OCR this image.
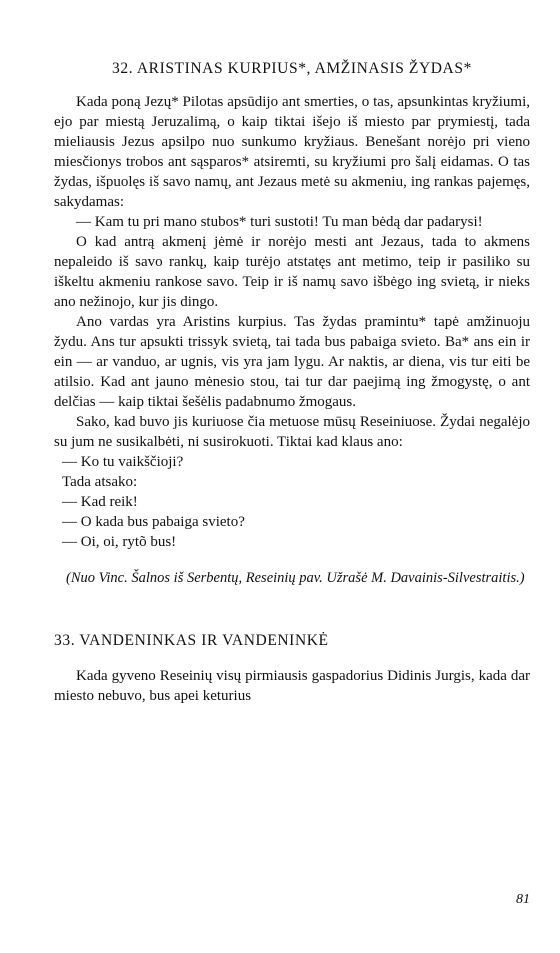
32. ARISTINAS KURPIUS*, AMŽINASIS ŽYDAS*

Kada poną Jezų* Pilotas apsūdijo ant smerties, o tas, apsunkintas kryžiumi, ejo par miestą Jeruzalimą, o kaip tiktai išejo iš miesto par prymiestį, tada mieliausis Jezus apsilpo nuo sunkumo kryžiaus. Benešant norėjo pri vieno miesčionys trobos ant sąsparos* atsiremti, su kryžiumi pro šalį eidamas. O tas žydas, išpuolęs iš savo namų, ant Jezaus metė su akmeniu, ing rankas pajemęs, sakydamas:

— Kam tu pri mano stubos* turi sustoti! Tu man bėdą dar padarysi!

O kad antrą akmenį jėmė ir norėjo mesti ant Jezaus, tada to akmens nepaleido iš savo rankų, kaip turėjo atstatęs ant metimo, teip ir pasiliko su iškeltu akmeniu rankose savo. Teip ir iš namų savo išbėgo ing svietą, ir nieks ano nežinojo, kur jis dingo.

Ano vardas yra Aristins kurpius. Tas žydas pramintu* tapė amžinuoju žydu. Ans tur apsukti trissyk svietą, tai tada bus pabaiga svieto. Ba* ans ein ir ein — ar vanduo, ar ugnis, vis yra jam lygu. Ar naktis, ar diena, vis tur eiti be atilsio. Kad ant jauno mėnesio stou, tai tur dar paejimą ing žmogystę, o ant delčias — kaip tiktai šešėlis padabnumo žmogaus.

Sako, kad buvo jis kuriuose čia metuose mūsų Reseiniuose. Žydai negalėjo su jum ne susikalbėti, ni susirokuoti. Tiktai kad klaus ano:

— Ko tu vaikščioji?

Tada atsako:

— Kad reik!

— O kada bus pabaiga svieto?

— Oi, oi, rytõ bus!

(Nuo Vinc. Šalnos iš Serbentų, Reseinių pav. Užrašė M. Davainis-Silvestraitis.)

33. VANDENINKAS IR VANDENINKĖ

Kada gyveno Reseinių visų pirmiausis gaspadorius Didinis Jurgis, kada dar miesto nebuvo, bus apei keturius

81
